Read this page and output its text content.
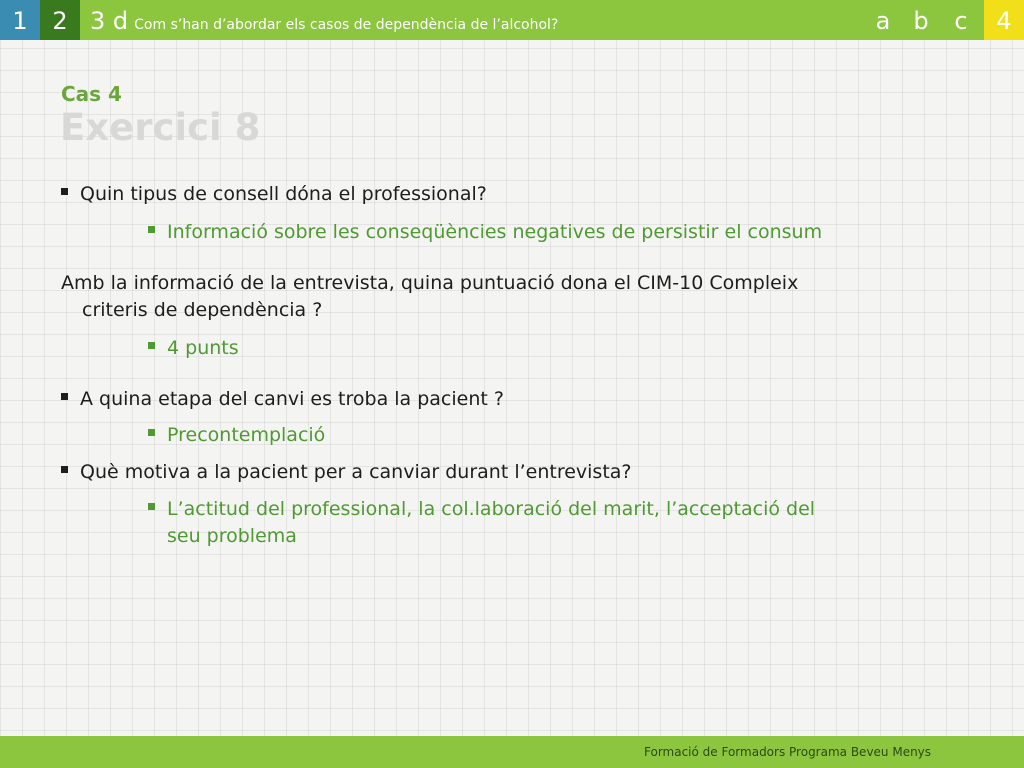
1	2 3 d Com s’han d’abordar els casos de dependència de l’alcohol?	a b	c	4
Cas 4
Exercici 8
Quin tipus de consell dóna el professional?
Informació sobre les conseqüències negatives de persistir el consum
Amb la informació de la entrevista, quina puntuació dona el CIM-10 Compleix
criteris de dependència ?
4 punts
A quina etapa del canvi es troba la pacient ?
Precontemplació
Què motiva a la pacient per a canviar durant l’entrevista?
L’actitud del professional, la col.laboració del marit, l’acceptació del
seu problema
Formació de Formadors Programa Beveu Menys
